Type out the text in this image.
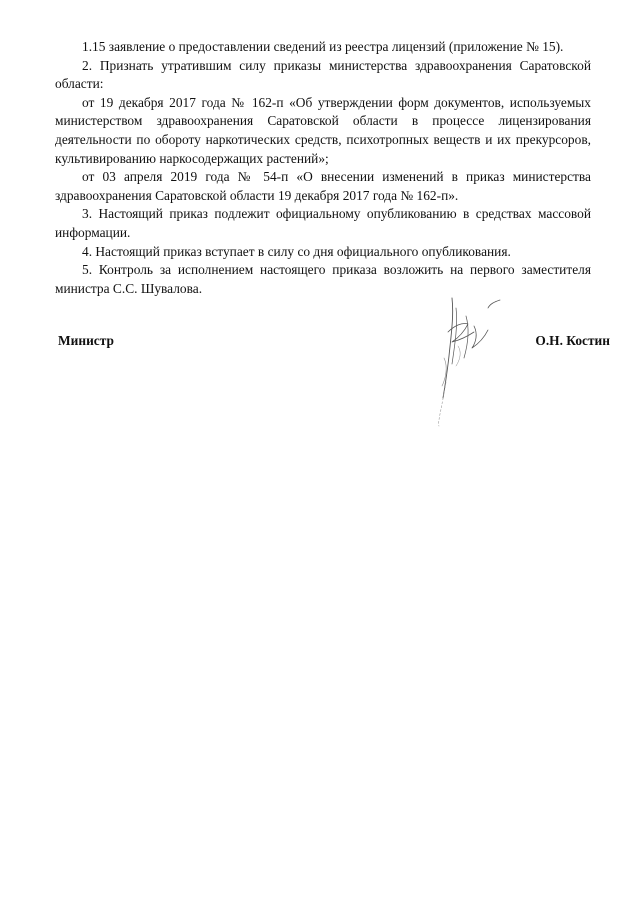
1.15 заявление о предоставлении сведений из реестра лицензий (приложение № 15).

2. Признать утратившим силу приказы министерства здравоохранения Саратовской области:

от 19 декабря 2017 года № 162-п «Об утверждении форм документов, используемых министерством здравоохранения Саратовской области в процессе лицензирования деятельности по обороту наркотических средств, психотропных веществ и их прекурсоров, культивированию наркосодержащих растений»;

от 03 апреля 2019 года № 54-п «О внесении изменений в приказ министерства здравоохранения Саратовской области 19 декабря 2017 года № 162-п».

3. Настоящий приказ подлежит официальному опубликованию в средствах массовой информации.

4. Настоящий приказ вступает в силу со дня официального опубликования.

5. Контроль за исполнением настоящего приказа возложить на первого заместителя министра С.С. Шувалова.

Министр	О.Н. Костин
